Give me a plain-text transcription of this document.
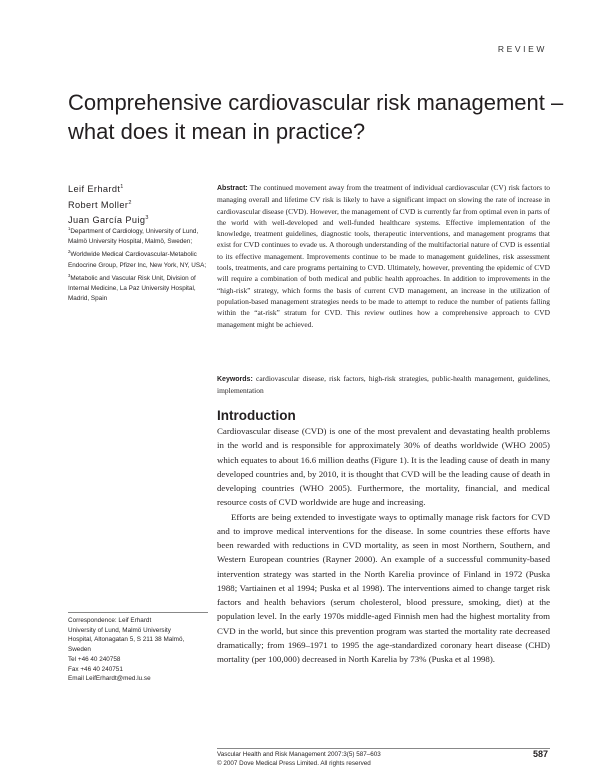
REVIEW
Comprehensive cardiovascular risk management – what does it mean in practice?
Leif Erhardt$^1$
Robert Moller$^2$
Juan García Puig$^3$
$^1$Department of Cardiology, University of Lund, Malmö University Hospital, Malmö, Sweden; $^2$Worldwide Medical Cardiovascular-Metabolic Endocrine Group, Pfizer Inc, New York, NY, USA; $^3$Metabolic and Vascular Risk Unit, Division of Internal Medicine, La Paz University Hospital, Madrid, Spain
Abstract: The continued movement away from the treatment of individual cardiovascular (CV) risk factors to managing overall and lifetime CV risk is likely to have a significant impact on slowing the rate of increase in cardiovascular disease (CVD). However, the management of CVD is currently far from optimal even in parts of the world with well-developed and well-funded healthcare systems. Effective implementation of the knowledge, treatment guidelines, diagnostic tools, therapeutic interventions, and management programs that exist for CVD continues to evade us. A thorough understanding of the multifactorial nature of CVD is essential to its effective management. Improvements continue to be made to management guidelines, risk assessment tools, treatments, and care programs pertaining to CVD. Ultimately, however, preventing the epidemic of CVD will require a combination of both medical and public health approaches. In addition to improvements in the “high-risk” strategy, which forms the basis of current CVD management, an increase in the utilization of population-based management strategies needs to be made to attempt to reduce the number of patients falling within the “at-risk” stratum for CVD. This review outlines how a comprehensive approach to CVD management might be achieved.
Keywords: cardiovascular disease, risk factors, high-risk strategies, public-health management, guidelines, implementation
Introduction

Cardiovascular disease (CVD) is one of the most prevalent and devastating health problems in the world and is responsible for approximately 30% of deaths worldwide (WHO 2005) which equates to about 16.6 million deaths (Figure 1). It is the leading cause of death in many developed countries and, by 2010, it is thought that CVD will be the leading cause of death in developing countries (WHO 2005). Furthermore, the mortality, financial, and medical resource costs of CVD worldwide are huge and increasing.

Efforts are being extended to investigate ways to optimally manage risk factors for CVD and to improve medical interventions for the disease. In some countries these efforts have been rewarded with reductions in CVD mortality, as seen in most Northern, Southern, and Western European countries (Rayner 2000). An example of a successful community-based intervention strategy was started in the North Karelia province of Finland in 1972 (Puska 1988; Vartiainen et al 1994; Puska et al 1998). The interventions aimed to change target risk factors and health behaviors (serum cholesterol, blood pressure, smoking, diet) at the population level. In the early 1970s middle-aged Finnish men had the highest mortality from CVD in the world, but since this prevention program was started the mortality rate decreased dramatically; from 1969–1971 to 1995 the age-standardized coronary heart disease (CHD) mortality (per 100,000) decreased in North Karelia by 73% (Puska et al 1998).

Correspondence: Leif Erhardt
University of Lund, Malmö University
Hospital, Altonagatan 5, S 211 38 Malmö,
Sweden
Tel +46 40 240758
Fax +46 40 240751
Email LeifErhardt@med.lu.se
Vascular Health and Risk Management 2007:3(5) 587–603
© 2007 Dove Medical Press Limited. All rights reserved
587
